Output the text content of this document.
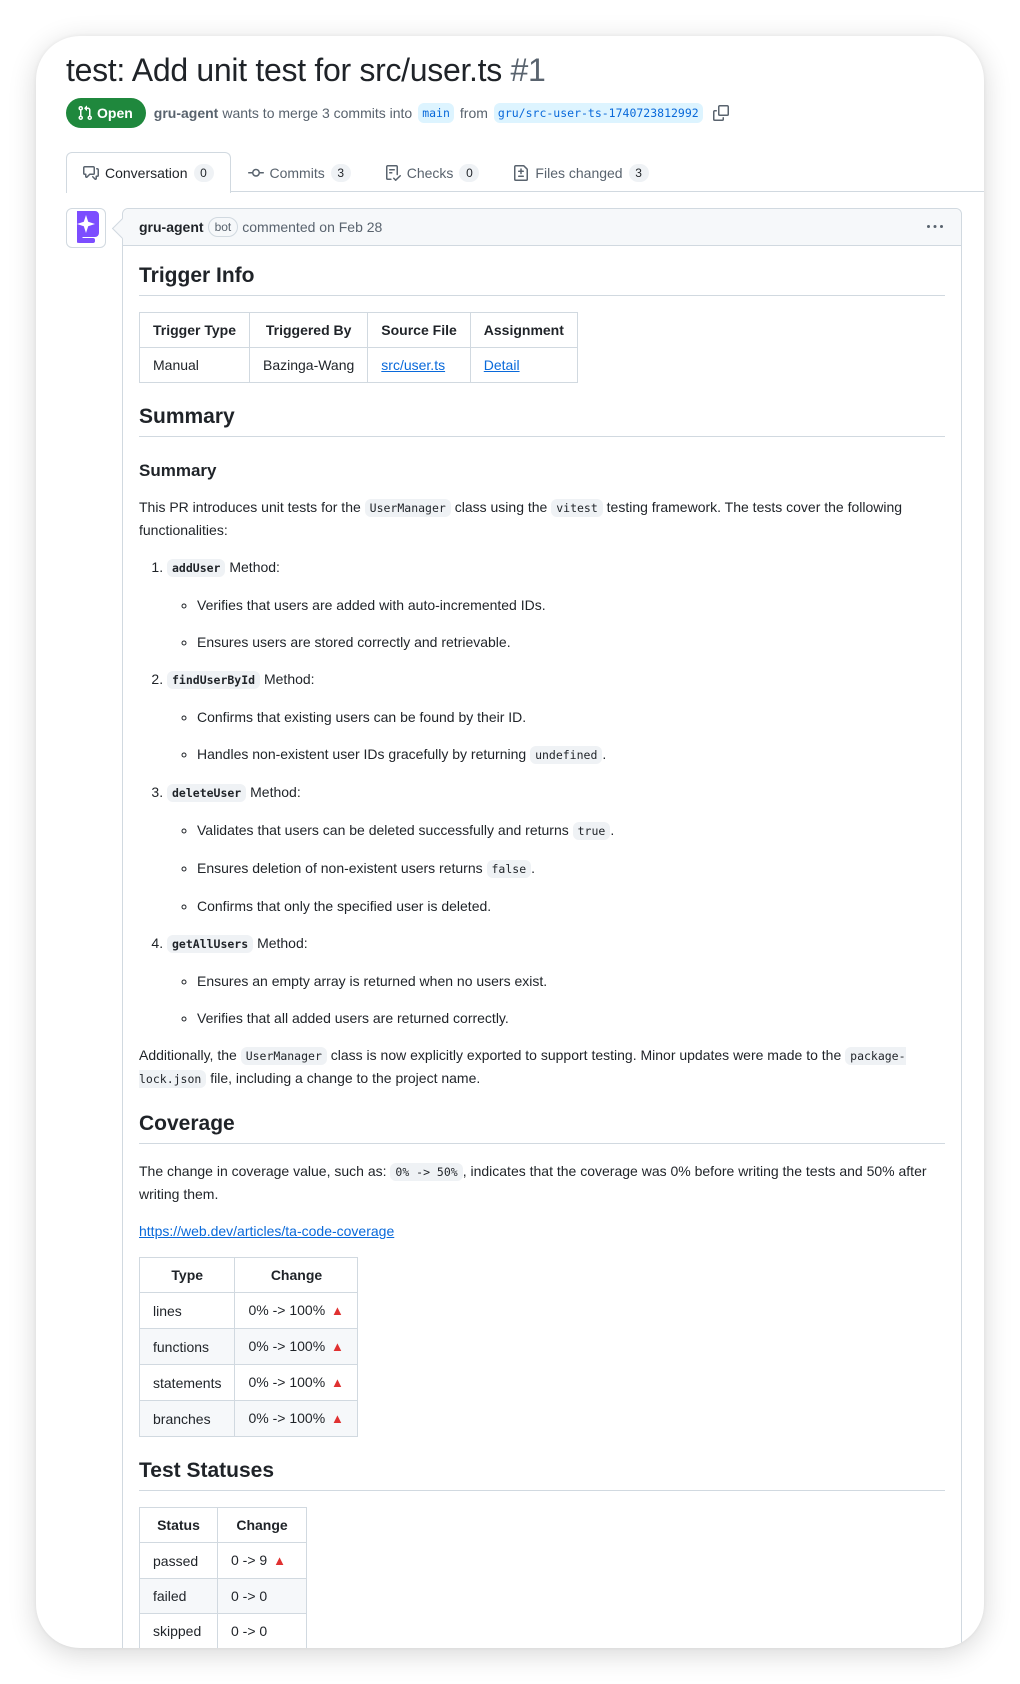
test: Add unit test for src/user.ts #1
Open gru-agent wants to merge 3 commits into main from gru/src-user-ts-1740723812992
Conversation	0	Commits	3	Checks	0	Files changed	3
gru-agent bot commented on Feb 28
Trigger Info
Trigger Type	Triggered By	Source File	Assignment
Manual	Bazinga-Wang	src/user.ts	Detail
Summary
Summary

This PR introduces unit tests for the UserManager class using the vitest testing framework. The tests cover the following functionalities:

1. addUser Method:
◦ Verifies that users are added with auto-incremented IDs.
◦ Ensures users are stored correctly and retrievable.
2. findUserById Method:
◦ Confirms that existing users can be found by their ID.
◦ Handles non-existent user IDs gracefully by returning undefined .
3. deleteUser Method:
◦ Validates that users can be deleted successfully and returns true .
◦ Ensures deletion of non-existent users returns false .
◦ Confirms that only the specified user is deleted.
4. getAllUsers Method:
◦ Ensures an empty array is returned when no users exist.
◦ Verifies that all added users are returned correctly.

Additionally, the UserManager class is now explicitly exported to support testing. Minor updates were made to the package-lock.json file, including a change to the project name.

Coverage

The change in coverage value, such as: 0% -> 50% , indicates that the coverage was 0% before writing the tests and 50% after writing them.

https://web.dev/articles/ta-code-coverage

Type	Change
lines	0% -> 100% ▲
functions	0% -> 100% ▲
statements	0% -> 100% ▲
branches	0% -> 100% ▲
Test Statuses
Status	Change
passed	0 -> 9 ▲
failed	0 -> 0
skipped	0 -> 0
